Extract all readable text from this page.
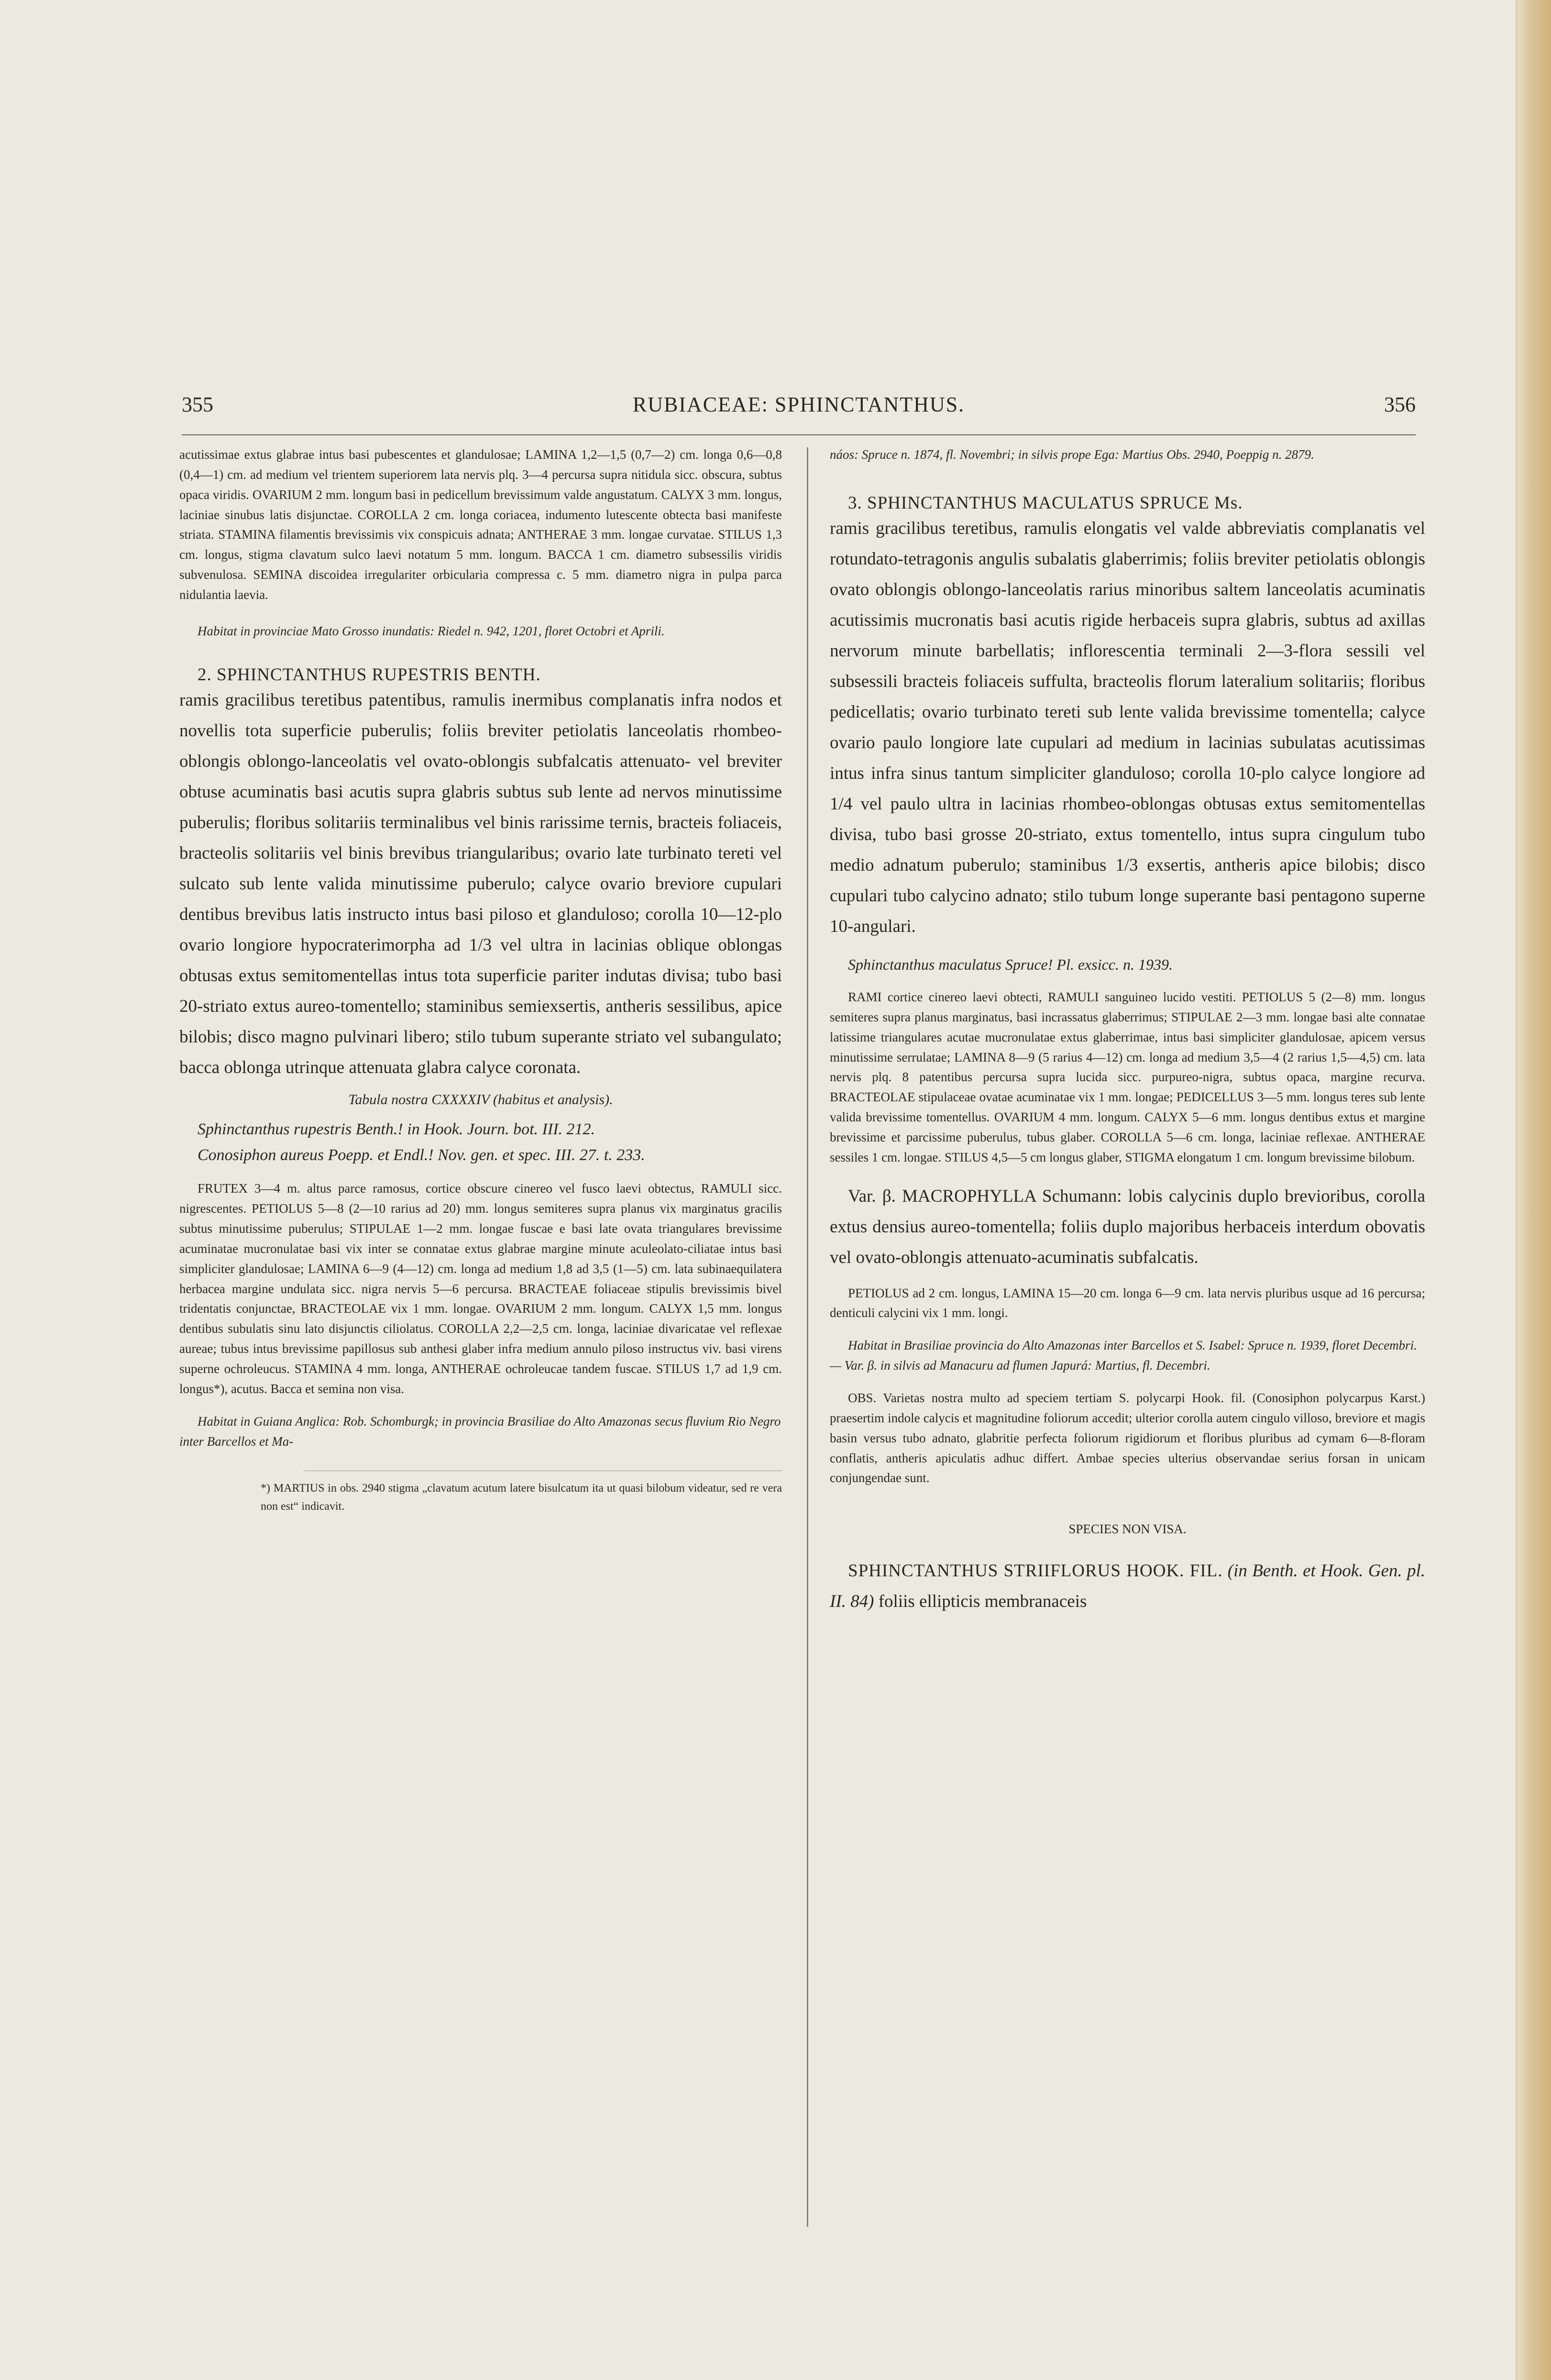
355	RUBIACEAE: SPHINCTANTHUS.	356

acutissimae extus glabrae intus basi pubescentes et glandulosae; LAMINA 1,2—1,5 (0,7—2) cm. longa 0,6—0,8 (0,4—1) cm. ad medium vel trientem superiorem lata nervis plq. 3—4 percursa supra nitidula sicc. obscura, subtus opaca viridis. OVARIUM 2 mm. longum basi in pedicellum brevissimum valde angustatum. CALYX 3 mm. longus, laciniae sinubus latis disjunctae. COROLLA 2 cm. longa coriacea, indumento lutescente obtecta basi manifeste striata. STAMINA filamentis brevissimis vix conspicuis adnata; ANTHERAE 3 mm. longae curvatae. STILUS 1,3 cm. longus, stigma clavatum sulco laevi notatum 5 mm. longum. BACCA 1 cm. diametro subsessilis viridis subvenulosa. SEMINA discoidea irregulariter orbicularia compressa c. 5 mm. diametro nigra in pulpa parca nidulantia laevia.

Habitat in provinciae Mato Grosso inundatis: Riedel n. 942, 1201, floret Octobri et Aprili.

2. SPHINCTANTHUS RUPESTRIS BENTH.

ramis gracilibus teretibus patentibus, ramulis inermibus complanatis infra nodos et novellis tota superficie puberulis; foliis breviter petiolatis lanceolatis rhombeo-oblongis oblongo-lanceolatis vel ovato-oblongis subfalcatis attenuato- vel breviter obtuse acuminatis basi acutis supra glabris subtus sub lente ad nervos minutissime puberulis; floribus solitariis terminalibus vel binis rarissime ternis, bracteis foliaceis, bracteolis solitariis vel binis brevibus triangularibus; ovario late turbinato tereti vel sulcato sub lente valida minutissime puberulo; calyce ovario breviore cupulari dentibus brevibus latis instructo intus basi piloso et glanduloso; corolla 10—12-plo ovario longiore hypocraterimorpha ad 1/3 vel ultra in lacinias oblique oblongas obtusas extus semitomentellas intus tota superficie pariter indutas divisa; tubo basi 20-striato extus aureo-tomentello; staminibus semiexsertis, antheris sessilibus, apice bilobis; disco magno pulvinari libero; stilo tubum superante striato vel subangulato; bacca oblonga utrinque attenuata glabra calyce coronata.

Tabula nostra CXXXXIV (habitus et analysis).

Sphinctanthus rupestris Benth.! in Hook. Journ. bot. III. 212.

Conosiphon aureus Poepp. et Endl.! Nov. gen. et spec. III. 27. t. 233.

FRUTEX 3—4 m. altus parce ramosus, cortice obscure cinereo vel fusco laevi obtectus, RAMULI sicc. nigrescentes. PETIOLUS 5—8 (2—10 rarius ad 20) mm. longus semiteres supra planus vix marginatus gracilis subtus minutissime puberulus; STIPULAE 1—2 mm. longae fuscae e basi late ovata triangulares brevissime acuminatae mucronulatae basi vix inter se connatae extus glabrae margine minute aculeolato-ciliatae intus basi simpliciter glandulosae; LAMINA 6—9 (4—12) cm. longa ad medium 1,8 ad 3,5 (1—5) cm. lata subinaequilatera herbacea margine undulata sicc. nigra nervis 5—6 percursa. BRACTEAE foliaceae stipulis brevissimis bivel tridentatis conjunctae, BRACTEOLAE vix 1 mm. longae. OVARIUM 2 mm. longum. CALYX 1,5 mm. longus dentibus subulatis sinu lato disjunctis ciliolatus. COROLLA 2,2—2,5 cm. longa, laciniae divaricatae vel reflexae aureae; tubus intus brevissime papillosus sub anthesi glaber infra medium annulo piloso instructus viv. basi virens superne ochroleucus. STAMINA 4 mm. longa, ANTHERAE ochroleucae tandem fuscae. STILUS 1,7 ad 1,9 cm. longus*), acutus. Bacca et semina non visa.

Habitat in Guiana Anglica: Rob. Schomburgk; in provincia Brasiliae do Alto Amazonas secus fluvium Rio Negro inter Barcellos et Ma-

*) MARTIUS in obs. 2940 stigma „clavatum acutum latere bisulcatum ita ut quasi bilobum videatur, sed re vera non est“ indicavit.

náos: Spruce n. 1874, fl. Novembri; in silvis prope Ega: Martius Obs. 2940, Poeppig n. 2879.

3. SPHINCTANTHUS MACULATUS SPRUCE Ms.

ramis gracilibus teretibus, ramulis elongatis vel valde abbreviatis complanatis vel rotundato-tetragonis angulis subalatis glaberrimis; foliis breviter petiolatis oblongis ovato oblongis oblongo-lanceolatis rarius minoribus saltem lanceolatis acuminatis acutissimis mucronatis basi acutis rigide herbaceis supra glabris, subtus ad axillas nervorum minute barbellatis; inflorescentia terminali 2—3-flora sessili vel subsessili bracteis foliaceis suffulta, bracteolis florum lateralium solitariis; floribus pedicellatis; ovario turbinato tereti sub lente valida brevissime tomentella; calyce ovario paulo longiore late cupulari ad medium in lacinias subulatas acutissimas intus infra sinus tantum simpliciter glanduloso; corolla 10-plo calyce longiore ad 1/4 vel paulo ultra in lacinias rhombeo-oblongas obtusas extus semitomentellas divisa, tubo basi grosse 20-striato, extus tomentello, intus supra cingulum tubo medio adnatum puberulo; staminibus 1/3 exsertis, antheris apice bilobis; disco cupulari tubo calycino adnato; stilo tubum longe superante basi pentagono superne 10-angulari.

Sphinctanthus maculatus Spruce! Pl. exsicc. n. 1939.

RAMI cortice cinereo laevi obtecti, RAMULI sanguineo lucido vestiti. PETIOLUS 5 (2—8) mm. longus semiteres supra planus marginatus, basi incrassatus glaberrimus; STIPULAE 2—3 mm. longae basi alte connatae latissime triangulares acutae mucronulatae extus glaberrimae, intus basi simpliciter glandulosae, apicem versus minutissime serrulatae; LAMINA 8—9 (5 rarius 4—12) cm. longa ad medium 3,5—4 (2 rarius 1,5—4,5) cm. lata nervis plq. 8 patentibus percursa supra lucida sicc. purpureo-nigra, subtus opaca, margine recurva. BRACTEOLAE stipulaceae ovatae acuminatae vix 1 mm. longae; PEDICELLUS 3—5 mm. longus teres sub lente valida brevissime tomentellus. OVARIUM 4 mm. longum. CALYX 5—6 mm. longus dentibus extus et margine brevissime et parcissime puberulus, tubus glaber. COROLLA 5—6 cm. longa, laciniae reflexae. ANTHERAE sessiles 1 cm. longae. STILUS 4,5—5 cm longus glaber, STIGMA elongatum 1 cm. longum brevissime bilobum.

Var. β. MACROPHYLLA Schumann: lobis calycinis duplo brevioribus, corolla extus densius aureo-tomentella; foliis duplo majoribus herbaceis interdum obovatis vel ovato-oblongis attenuato-acuminatis subfalcatis.

PETIOLUS ad 2 cm. longus, LAMINA 15—20 cm. longa 6—9 cm. lata nervis pluribus usque ad 16 percursa; denticuli calycini vix 1 mm. longi.

Habitat in Brasiliae provincia do Alto Amazonas inter Barcellos et S. Isabel: Spruce n. 1939, floret Decembri. — Var. β. in silvis ad Manacuru ad flumen Japurá: Martius, fl. Decembri.

OBS. Varietas nostra multo ad speciem tertiam S. polycarpi Hook. fil. (Conosiphon polycarpus Karst.) praesertim indole calycis et magnitudine foliorum accedit; ulterior corolla autem cingulo villoso, breviore et magis basin versus tubo adnato, glabritie perfecta foliorum rigidiorum et floribus pluribus ad cymam 6—8-floram conflatis, antheris apiculatis adhuc differt. Ambae species ulterius observandae serius forsan in unicam conjungendae sunt.

SPECIES NON VISA.

SPHINCTANTHUS STRIIFLORUS HOOK. FIL. (in Benth. et Hook. Gen. pl. II. 84) foliis ellipticis membranaceis
